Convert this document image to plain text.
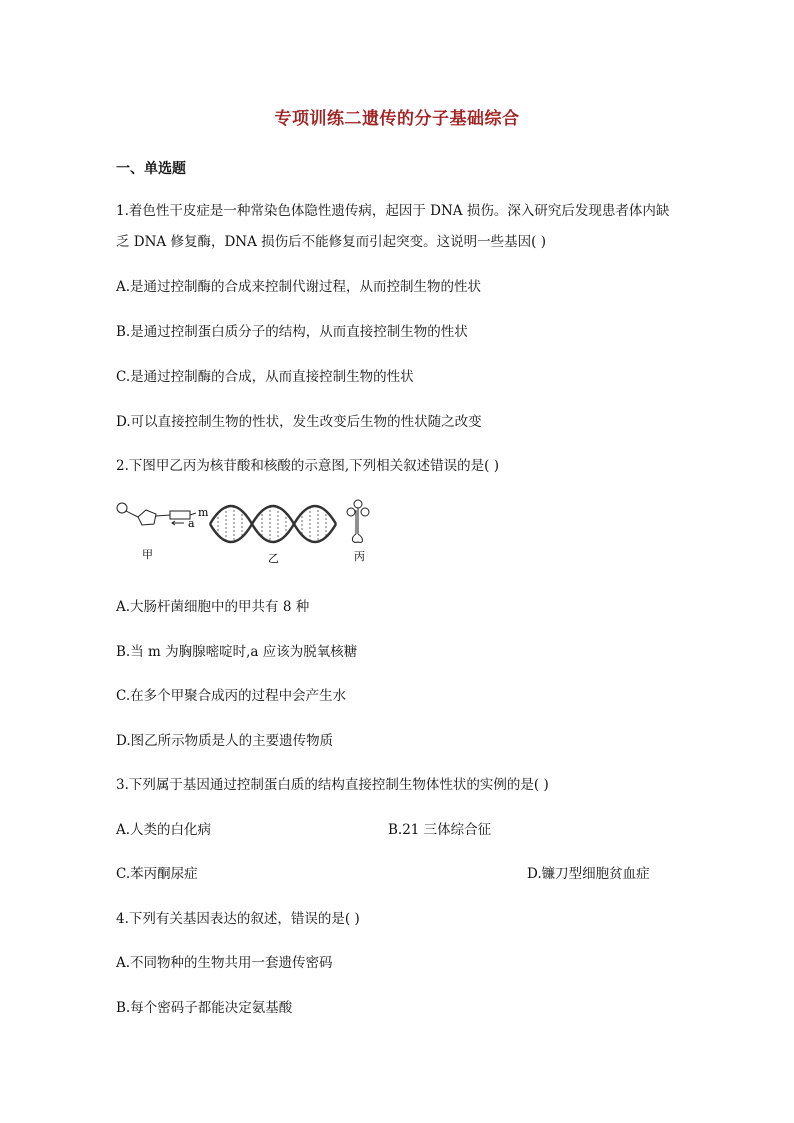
专项训练二遗传的分子基础综合
一、单选题
1.着色性干皮症是一种常染色体隐性遗传病，起因于 DNA 损伤。深入研究后发现患者体内缺
乏 DNA 修复酶，DNA 损伤后不能修复而引起突变。这说明一些基因( )
A.是通过控制酶的合成来控制代谢过程，从而控制生物的性状
B.是通过控制蛋白质分子的结构，从而直接控制生物的性状
C.是通过控制酶的合成，从而直接控制生物的性状
D.可以直接控制生物的性状，发生改变后生物的性状随之改变
2.下图甲乙丙为核苷酸和核酸的示意图,下列相关叙述错误的是( )
m
a
甲	乙	丙
A.大肠杆菌细胞中的甲共有 8 种
B.当 m 为胸腺嘧啶时,a 应该为脱氧核糖
C.在多个甲聚合成丙的过程中会产生水
D.图乙所示物质是人的主要遗传物质
3.下列属于基因通过控制蛋白质的结构直接控制生物体性状的实例的是( )
A.人类的白化病	B.21 三体综合征
C.苯丙酮尿症	D.镰刀型细胞贫血症
4.下列有关基因表达的叙述，错误的是( )
A.不同物种的生物共用一套遗传密码
B.每个密码子都能决定氨基酸
